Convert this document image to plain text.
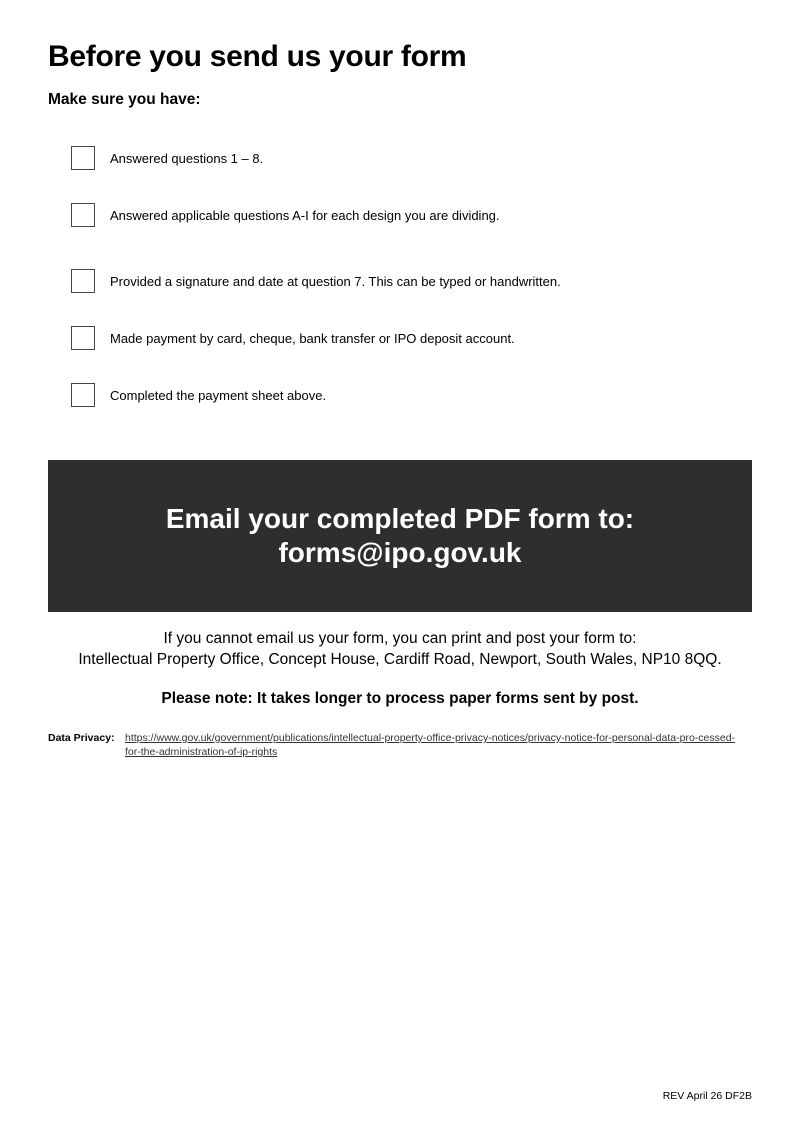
Before you send us your form
Make sure you have:
Answered questions 1 – 8.
Answered applicable questions A-I for each design you are dividing.
Provided a signature and date at question 7. This can be typed or handwritten.
Made payment by card, cheque, bank transfer or IPO deposit account.
Completed the payment sheet above.
Email your completed PDF form to:
forms@ipo.gov.uk
If you cannot email us your form, you can print and post your form to:
Intellectual Property Office, Concept House, Cardiff Road, Newport, South Wales, NP10 8QQ.
Please note: It takes longer to process paper forms sent by post.
Data Privacy: https://www.gov.uk/government/publications/intellectual-property-office-privacy-notices/privacy-notice-for-personal-data-pro-cessed- for-the-administration-of-ip-rights
REV April 26 DF2B
